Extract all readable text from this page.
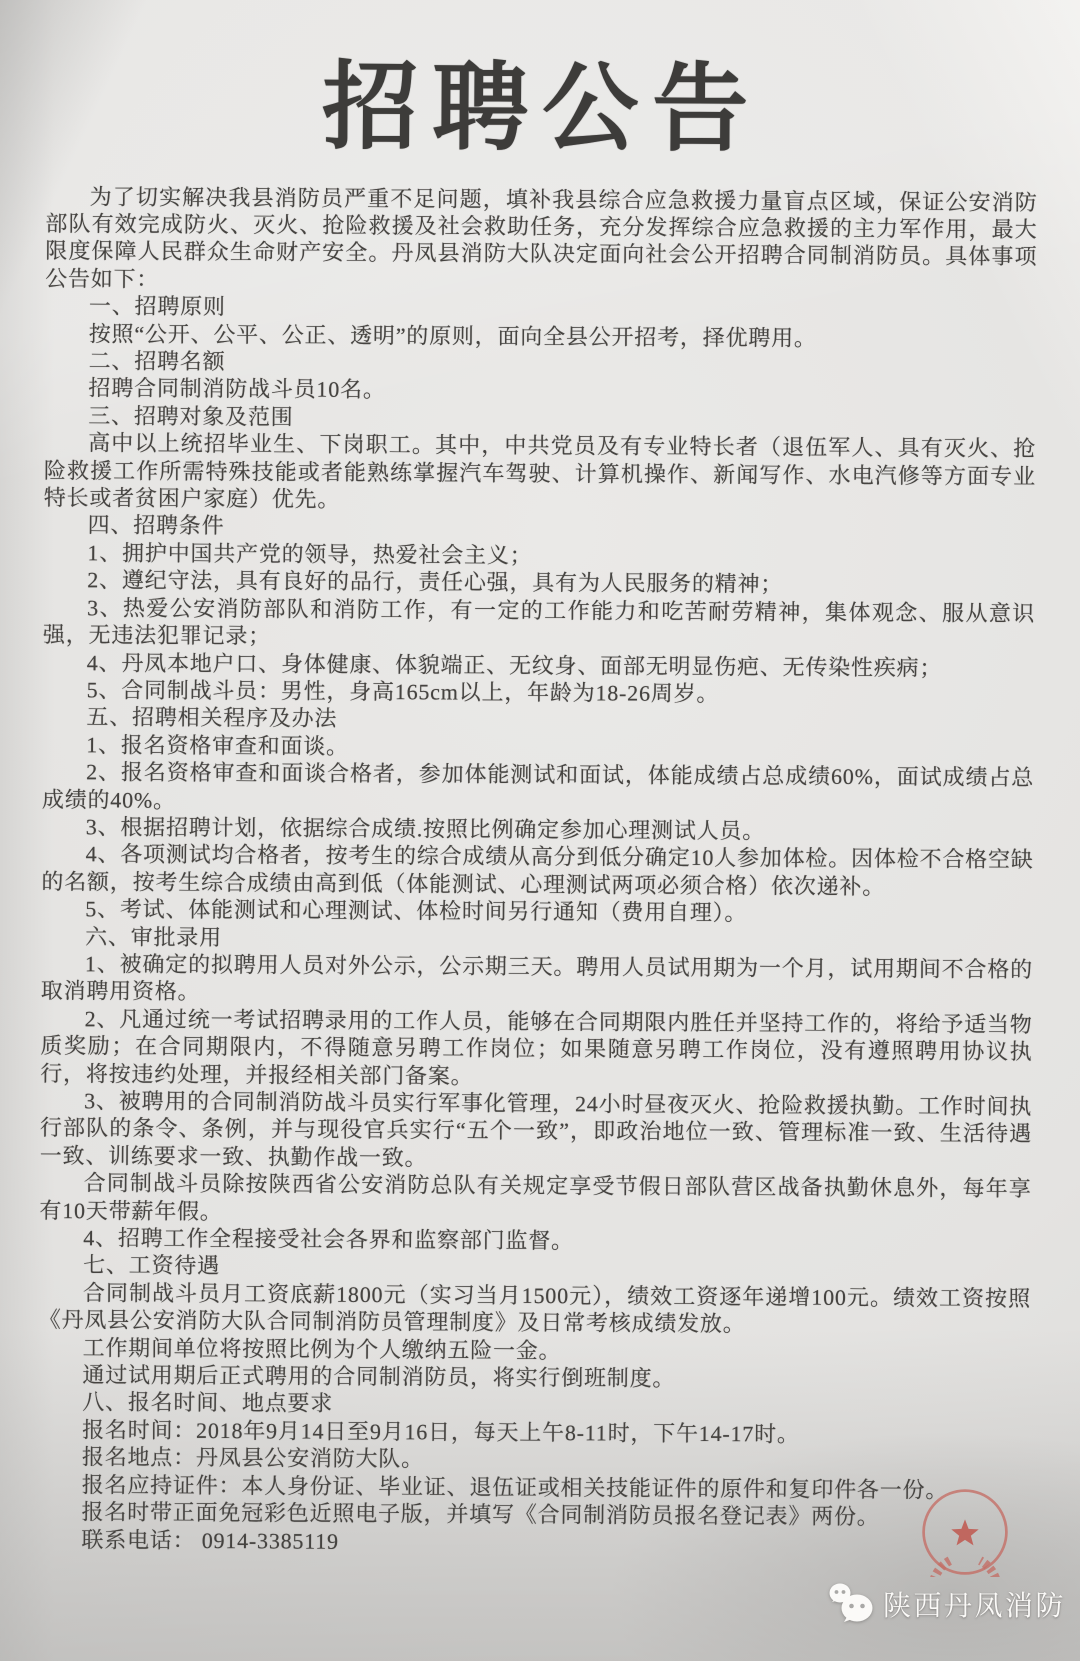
招聘公告

为了切实解决我县消防员严重不足问题，填补我县综合应急救援力量盲点区域，保证公安消防部队有效完成防火、灭火、抢险救援及社会救助任务，充分发挥综合应急救援的主力军作用，最大限度保障人民群众生命财产安全。丹凤县消防大队决定面向社会公开招聘合同制消防员。具体事项公告如下：

一、招聘原则

按照“公开、公平、公正、透明”的原则，面向全县公开招考，择优聘用。

二、招聘名额

招聘合同制消防战斗员10名。

三、招聘对象及范围

高中以上统招毕业生、下岗职工。其中，中共党员及有专业特长者（退伍军人、具有灭火、抢险救援工作所需特殊技能或者能熟练掌握汽车驾驶、计算机操作、新闻写作、水电汽修等方面专业特长或者贫困户家庭）优先。

四、招聘条件

1、拥护中国共产党的领导，热爱社会主义；

2、遵纪守法，具有良好的品行，责任心强，具有为人民服务的精神；

3、热爱公安消防部队和消防工作，有一定的工作能力和吃苦耐劳精神，集体观念、服从意识强，无违法犯罪记录；

4、丹凤本地户口、身体健康、体貌端正、无纹身、面部无明显伤疤、无传染性疾病；

5、合同制战斗员：男性，身高165cm以上，年龄为18-26周岁。

五、招聘相关程序及办法

1、报名资格审查和面谈。

2、报名资格审查和面谈合格者，参加体能测试和面试，体能成绩占总成绩60%，面试成绩占总成绩的40%。

3、根据招聘计划，依据综合成绩.按照比例确定参加心理测试人员。

4、各项测试均合格者，按考生的综合成绩从高分到低分确定10人参加体检。因体检不合格空缺的名额，按考生综合成绩由高到低（体能测试、心理测试两项必须合格）依次递补。

5、考试、体能测试和心理测试、体检时间另行通知（费用自理）。

六、审批录用

1、被确定的拟聘用人员对外公示，公示期三天。聘用人员试用期为一个月，试用期间不合格的取消聘用资格。

2、凡通过统一考试招聘录用的工作人员，能够在合同期限内胜任并坚持工作的，将给予适当物质奖励；在合同期限内，不得随意另聘工作岗位；如果随意另聘工作岗位，没有遵照聘用协议执行，将按违约处理，并报经相关部门备案。

3、被聘用的合同制消防战斗员实行军事化管理，24小时昼夜灭火、抢险救援执勤。工作时间执行部队的条令、条例，并与现役官兵实行“五个一致”，即政治地位一致、管理标准一致、生活待遇一致、训练要求一致、执勤作战一致。

合同制战斗员除按陕西省公安消防总队有关规定享受节假日部队营区战备执勤休息外，每年享有10天带薪年假。

4、招聘工作全程接受社会各界和监察部门监督。

七、工资待遇

合同制战斗员月工资底薪1800元（实习当月1500元），绩效工资逐年递增100元。绩效工资按照《丹凤县公安消防大队合同制消防员管理制度》及日常考核成绩发放。

工作期间单位将按照比例为个人缴纳五险一金。

通过试用期后正式聘用的合同制消防员，将实行倒班制度。

八、报名时间、地点要求

报名时间：2018年9月14日至9月16日，每天上午8-11时，下午14-17时。

报名地点：丹凤县公安消防大队。

报名应持证件：本人身份证、毕业证、退伍证或相关技能证件的原件和复印件各一份。

报名时带正面免冠彩色近照电子版，并填写《合同制消防员报名登记表》两份。

联系电话： 0914-3385119

陕西丹凤消防
